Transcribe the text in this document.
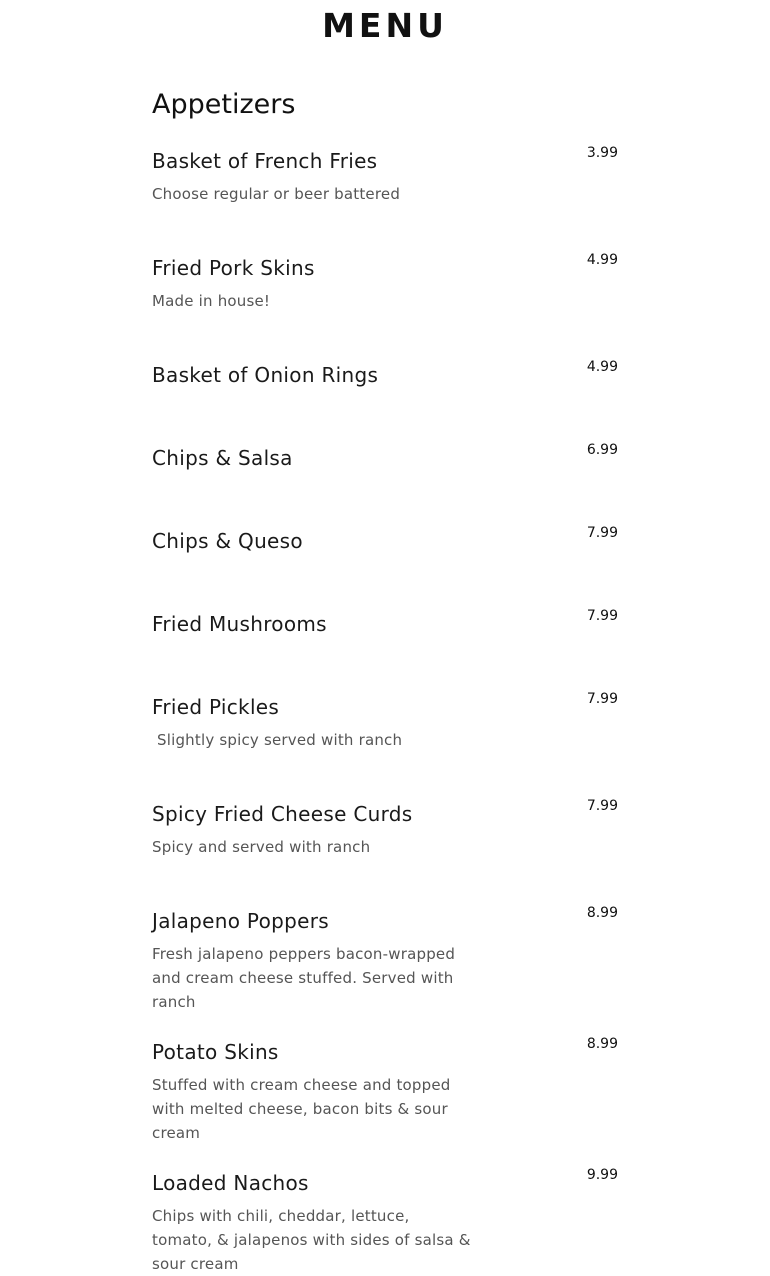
MENU
Appetizers
Basket of French Fries	3.99
Choose regular or beer battered
Fried Pork Skins	4.99
Made in house!
Basket of Onion Rings	4.99
Chips & Salsa	6.99
Chips & Queso	7.99
Fried Mushrooms	7.99
Fried Pickles	7.99
Slightly spicy served with ranch
Spicy Fried Cheese Curds	7.99
Spicy and served with ranch
Jalapeno Poppers	8.99
Fresh jalapeno peppers bacon-wrapped and cream cheese stuffed. Served with ranch
Potato Skins	8.99
Stuffed with cream cheese and topped with melted cheese, bacon bits & sour cream
Loaded Nachos	9.99
Chips with chili, cheddar, lettuce, tomato, & jalapenos with sides of salsa & sour cream
